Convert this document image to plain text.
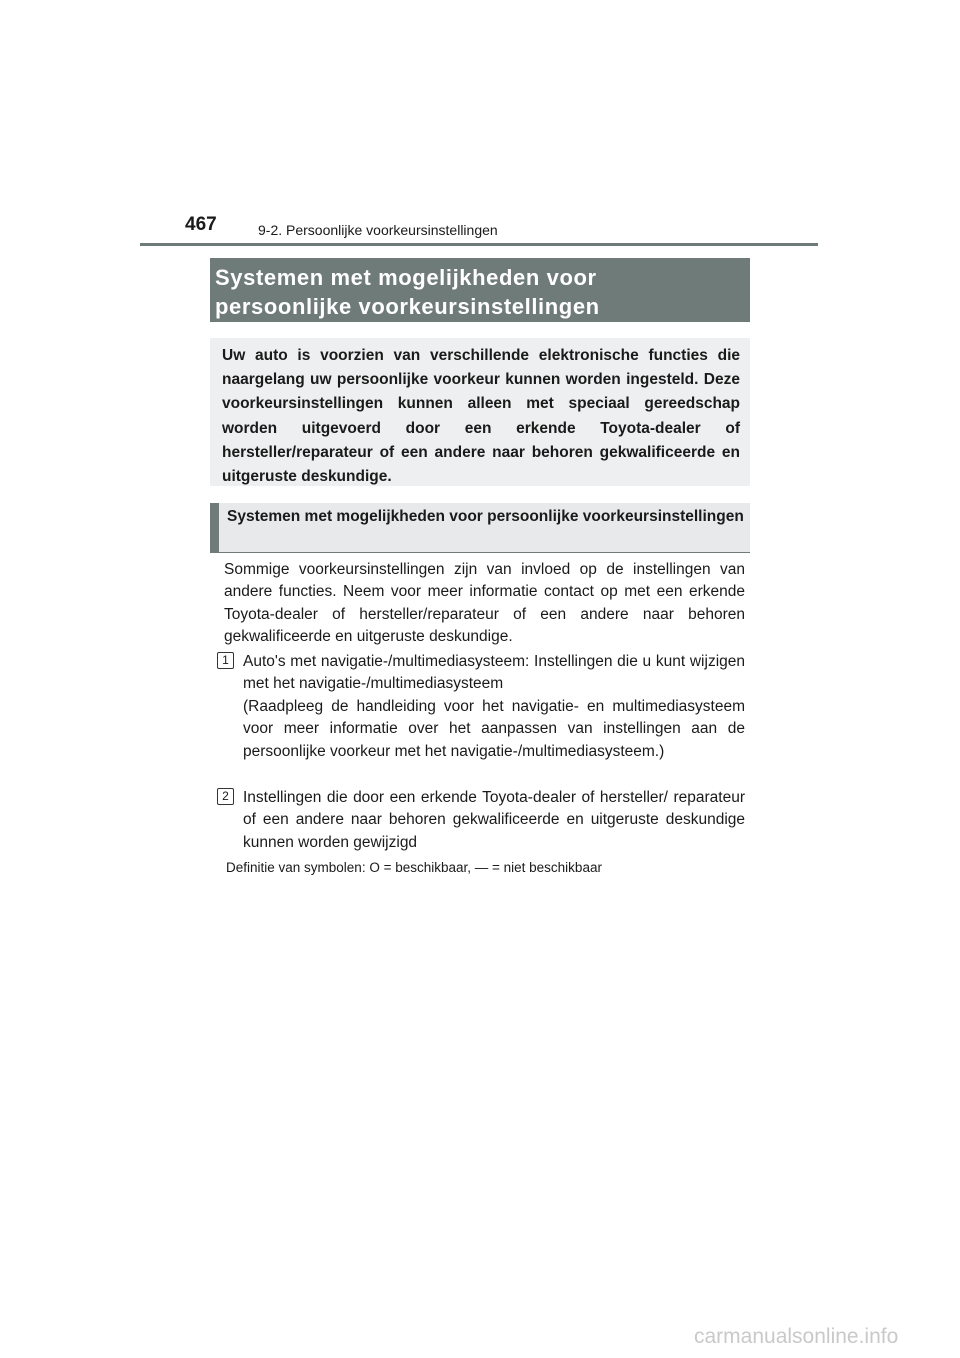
467	9-2. Persoonlijke voorkeursinstellingen
Systemen met mogelijkheden voor
persoonlijke voorkeursinstellingen

Uw auto is voorzien van verschillende elektronische functies die naargelang uw persoonlijke voorkeur kunnen worden ingesteld. Deze voorkeursinstellingen kunnen alleen met speciaal gereedschap worden uitgevoerd door een erkende Toyota-dealer of hersteller/reparateur of een andere naar behoren gekwalificeerde en uitgeruste deskundige.

Systemen met mogelijkheden voor persoonlijke voorkeursinstellingen

Sommige voorkeursinstellingen zijn van invloed op de instellingen van andere functies. Neem voor meer informatie contact op met een erkende Toyota-dealer of hersteller/reparateur of een andere naar behoren gekwalificeerde en uitgeruste deskundige.

1 Auto's met navigatie-/multimediasysteem: Instellingen die u kunt wijzigen met het navigatie-/multimediasysteem

(Raadpleeg de handleiding voor het navigatie- en multimediasysteem voor meer informatie over het aanpassen van instellingen aan de persoonlijke voorkeur met het navigatie-/multimediasysteem.)

2 Instellingen die door een erkende Toyota-dealer of hersteller/ reparateur of een andere naar behoren gekwalificeerde en uitgeruste deskundige kunnen worden gewijzigd

Definitie van symbolen: O = beschikbaar, — = niet beschikbaar

carmanualsonline.info
